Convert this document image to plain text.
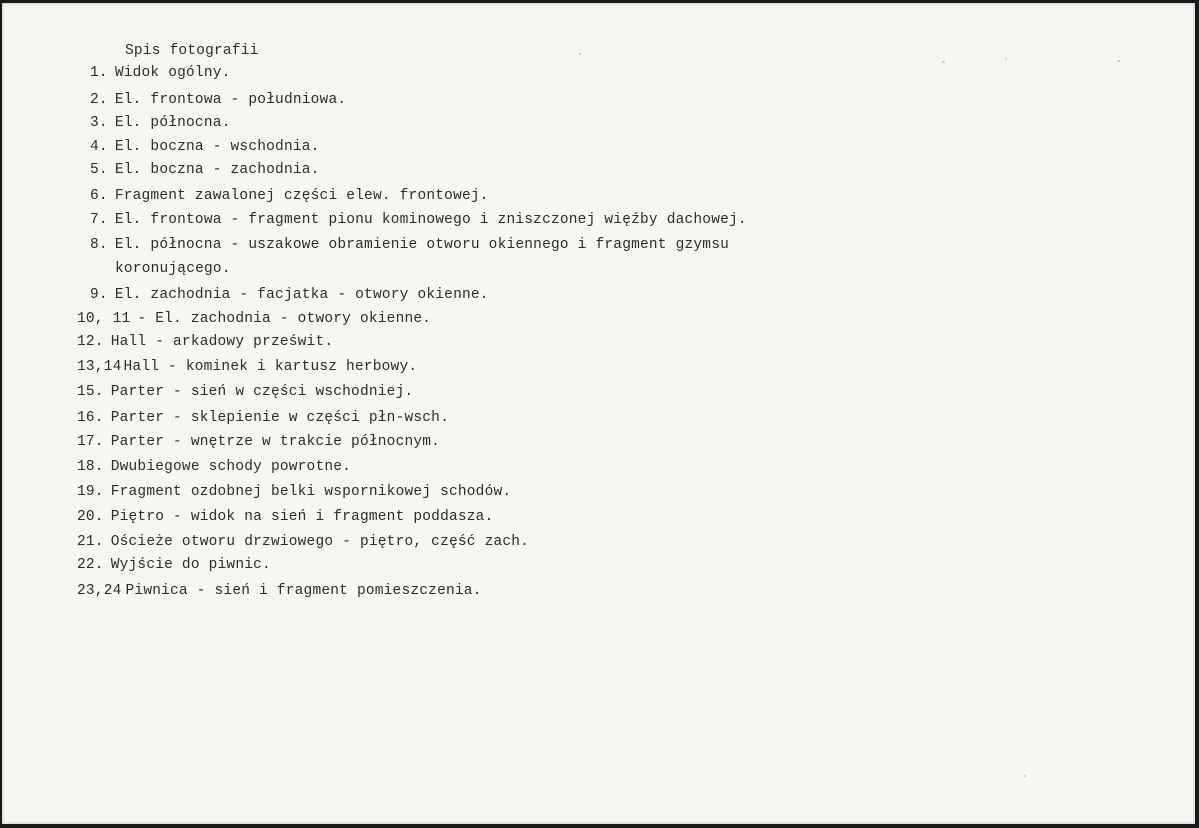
Spis fotografii
1. Widok ogólny.
2. El. frontowa - południowa.
3. El. północna.
4. El. boczna - wschodnia.
5. El. boczna - zachodnia.
6. Fragment zawalonej części elew. frontowej.
7. El. frontowa - fragment pionu kominowego i zniszczonej więźby dachowej.
8. El. północna - uszakowe obramienie otworu okiennego i fragment gzymsu
koronującego.
9. El. zachodnia - facjatka - otwory okienne.
10, 11 - El. zachodnia - otwory okienne.
12. Hall - arkadowy prześwit.
13,14 Hall - kominek i kartusz herbowy.
15. Parter - sień w części wschodniej.
16. Parter - sklepienie w części płn-wsch.
17. Parter - wnętrze w trakcie północnym.
18. Dwubiegowe schody powrotne.
19. Fragment ozdobnej belki wspornikowej schodów.
20. Piętro - widok na sień i fragment poddasza.
21. Ościeże otworu drzwiowego - piętro, część zach.
22. Wyjście do piwnic.
23,24 Piwnica - sień i fragment pomieszczenia.
